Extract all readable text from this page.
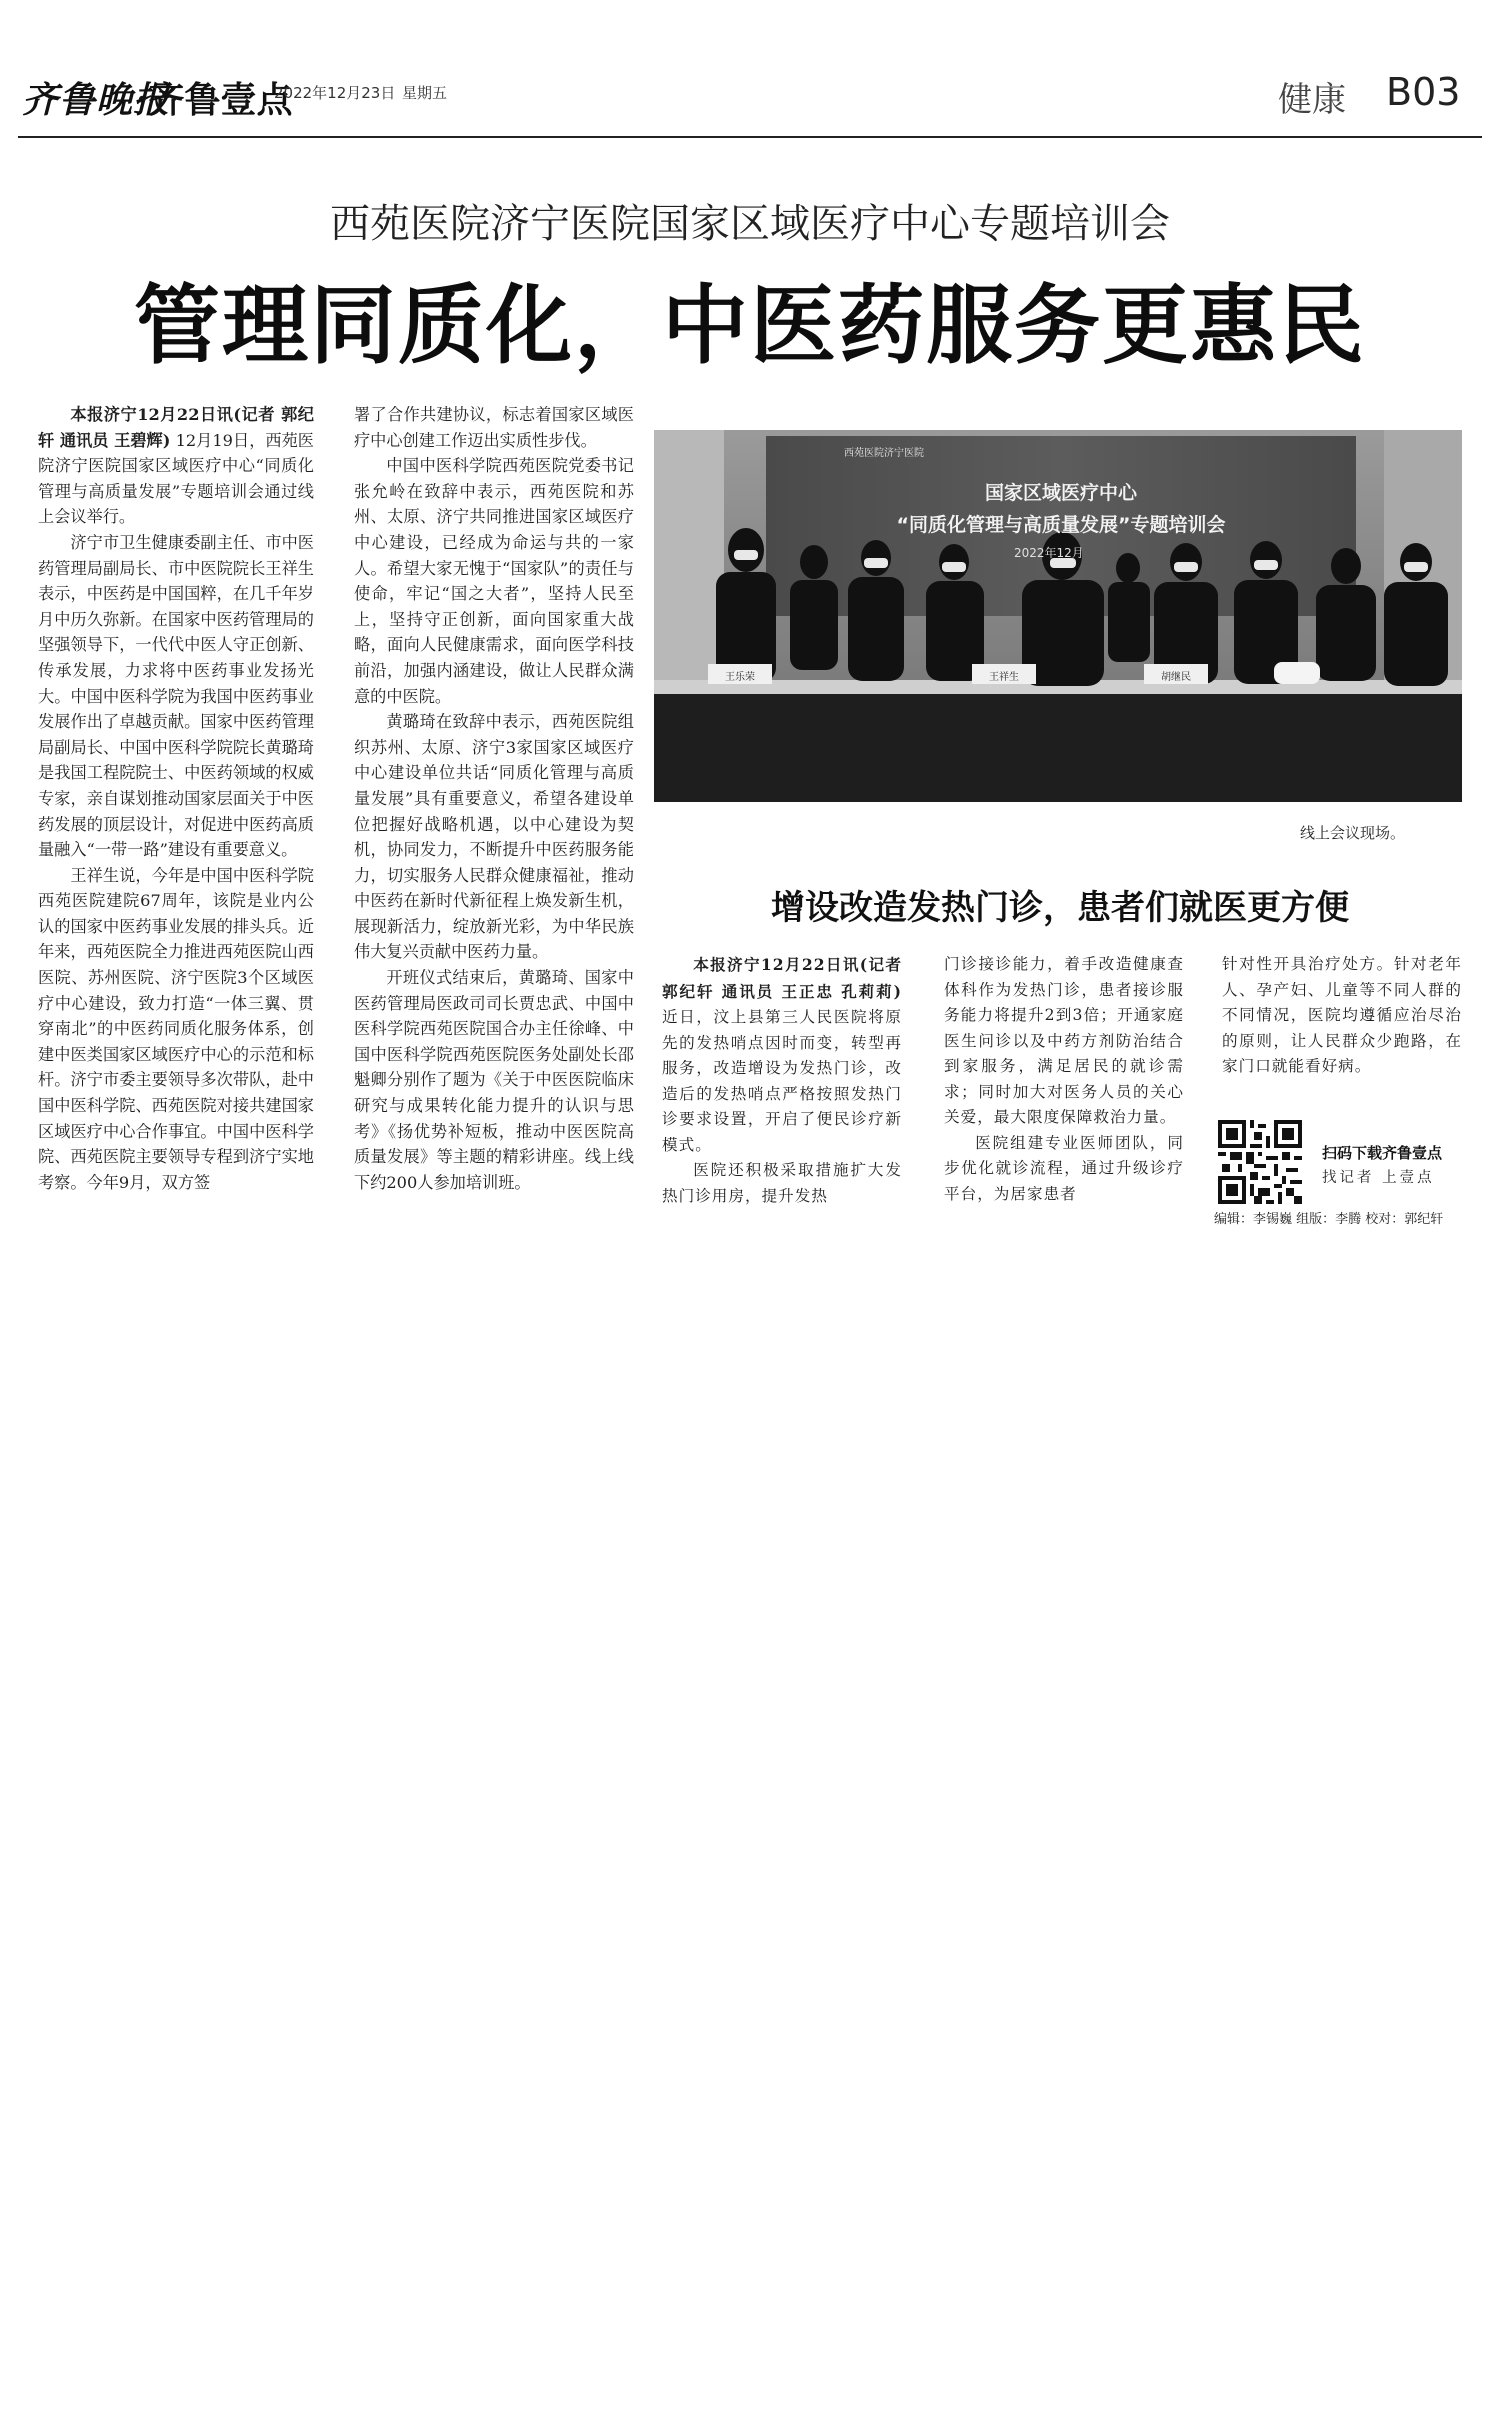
齐鲁晚报
·齐鲁壹点
2022年12月23日 星期五	健康 B03
西苑医院济宁医院国家区域医疗中心专题培训会
管理同质化，中医药服务更惠民

本报济宁12月22日讯(记者 郭纪轩 通讯员 王碧辉) 12月19日，西苑医院济宁医院国家区域医疗中心“同质化管理与高质量发展”专题培训会通过线上会议举行。

济宁市卫生健康委副主任、市中医药管理局副局长、市中医院院长王祥生表示，中医药是中国国粹，在几千年岁月中历久弥新。在国家中医药管理局的坚强领导下，一代代中医人守正创新、传承发展，力求将中医药事业发扬光大。中国中医科学院为我国中医药事业发展作出了卓越贡献。国家中医药管理局副局长、中国中医科学院院长黄璐琦是我国工程院院士、中医药领域的权威专家，亲自谋划推动国家层面关于中医药发展的顶层设计，对促进中医药高质量融入“一带一路”建设有重要意义。

王祥生说，今年是中国中医科学院西苑医院建院67周年，该院是业内公认的国家中医药事业发展的排头兵。近年来，西苑医院全力推进西苑医院山西医院、苏州医院、济宁医院3个区域医疗中心建设，致力打造“一体三翼、贯穿南北”的中医药同质化服务体系，创建中医类国家区域医疗中心的示范和标杆。济宁市委主要领导多次带队，赴中国中医科学院、西苑医院对接共建国家区域医疗中心合作事宜。中国中医科学院、西苑医院主要领导专程到济宁实地考察。今年9月，双方签

署了合作共建协议，标志着国家区域医疗中心创建工作迈出实质性步伐。

中国中医科学院西苑医院党委书记张允岭在致辞中表示，西苑医院和苏州、太原、济宁共同推进国家区域医疗中心建设，已经成为命运与共的一家人。希望大家无愧于“国家队”的责任与使命，牢记“国之大者”，坚持人民至上，坚持守正创新，面向国家重大战略，面向人民健康需求，面向医学科技前沿，加强内涵建设，做让人民群众满意的中医院。

黄璐琦在致辞中表示，西苑医院组织苏州、太原、济宁3家国家区域医疗中心建设单位共话“同质化管理与高质量发展”具有重要意义，希望各建设单位把握好战略机遇，以中心建设为契机，协同发力，不断提升中医药服务能力，切实服务人民群众健康福祉，推动中医药在新时代新征程上焕发新生机，展现新活力，绽放新光彩，为中华民族伟大复兴贡献中医药力量。

开班仪式结束后，黄璐琦、国家中医药管理局医政司司长贾忠武、中国中医科学院西苑医院国合办主任徐峰、中国中医科学院西苑医院医务处副处长邵魁卿分别作了题为《关于中医医院临床研究与成果转化能力提升的认识与思考》《扬优势补短板，推动中医医院高质量发展》等主题的精彩讲座。线上线下约200人参加培训班。

西苑医院济宁医院
国家区域医疗中心
“同质化管理与高质量发展”专题培训会
2022年12月
王乐荣	王祥生	胡继民
线上会议现场。
增设改造发热门诊，患者们就医更方便

本报济宁12月22日讯(记者 郭纪轩 通讯员 王正忠 孔莉莉) 近日，汶上县第三人民医院将原先的发热哨点因时而变，转型再服务，改造增设为发热门诊，改造后的发热哨点严格按照发热门诊要求设置，开启了便民诊疗新模式。

医院还积极采取措施扩大发热门诊用房，提升发热

门诊接诊能力，着手改造健康查体科作为发热门诊，患者接诊服务能力将提升2到3倍；开通家庭医生问诊以及中药方剂防治结合到家服务，满足居民的就诊需求；同时加大对医务人员的关心关爱，最大限度保障救治力量。

医院组建专业医师团队，同步优化就诊流程，通过升级诊疗平台，为居家患者

针对性开具治疗处方。针对老年人、孕产妇、儿童等不同人群的不同情况，医院均遵循应治尽治的原则，让人民群众少跑路，在家门口就能看好病。

扫码下载齐鲁壹点
找记者 上壹点
编辑：李锡巍 组版：李腾 校对：郭纪轩
